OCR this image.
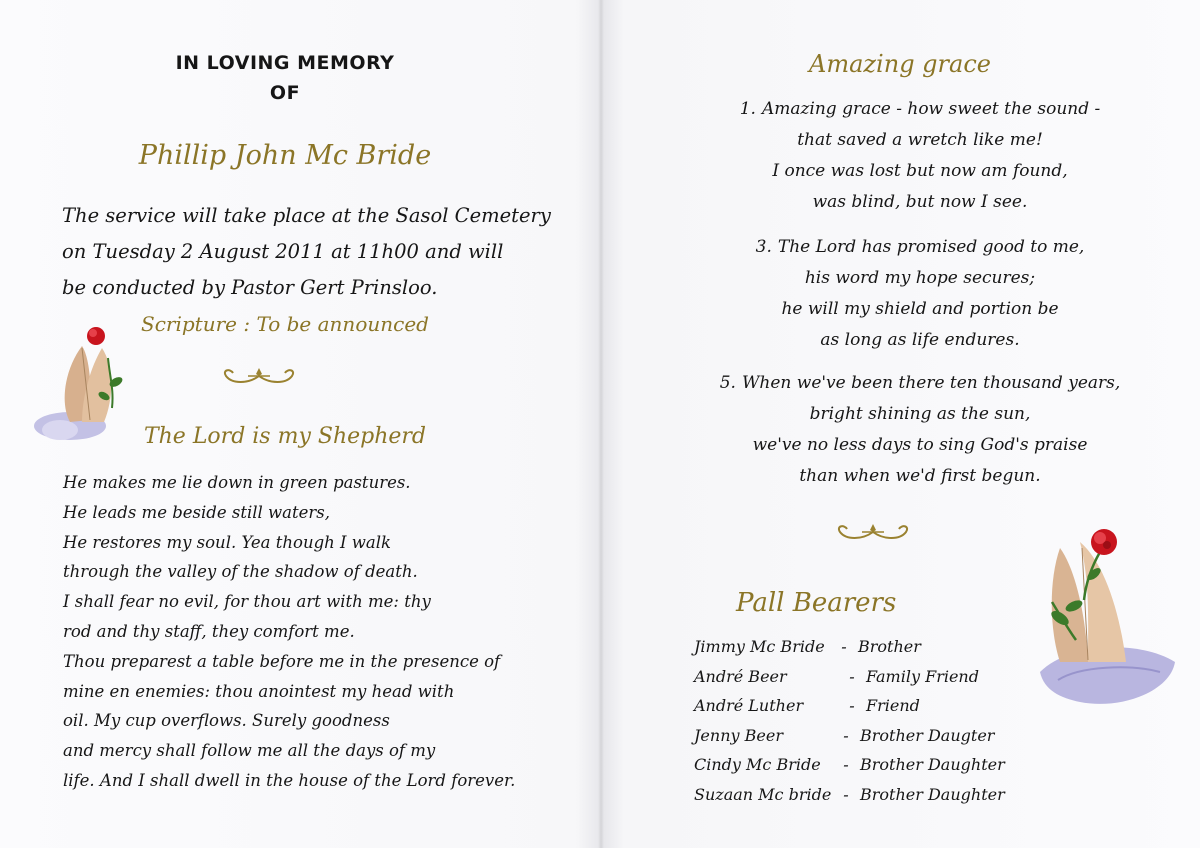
IN LOVING MEMORY
OF
Phillip John Mc Bride
The service will take place at the Sasol Cemetery
on Tuesday 2 August 2011 at 11h00 and will
be conducted by Pastor Gert Prinsloo.
Scripture : To be announced
The Lord is my Shepherd
He makes me lie down in green pastures.
He leads me beside still waters,
He restores my soul. Yea though I walk
through the valley of the shadow of death.
I shall fear no evil, for thou art with me: thy
rod and thy staff, they comfort me.
Thou preparest a table before me in the presence of
mine en enemies: thou anointest my head with
oil. My cup overflows. Surely goodness
and mercy shall follow me all the days of my
life. And I shall dwell in the house of the Lord forever.
Amazing grace
1. Amazing grace - how sweet the sound -
that saved a wretch like me!
I once was lost but now am found,
was blind, but now I see.
3. The Lord has promised good to me,
his word my hope secures;
he will my shield and portion be
as long as life endures.
5. When we've been there ten thousand years,
bright shining as the sun,
we've no less days to sing God's praise
than when we'd first begun.
Pall Bearers
Jimmy Mc Bride	- Brother
André Beer	- Family Friend
André Luther	- Friend
Jenny Beer	- Brother Daugter
Cindy Mc Bride	- Brother Daughter
Suzaan Mc bride - Brother Daughter
